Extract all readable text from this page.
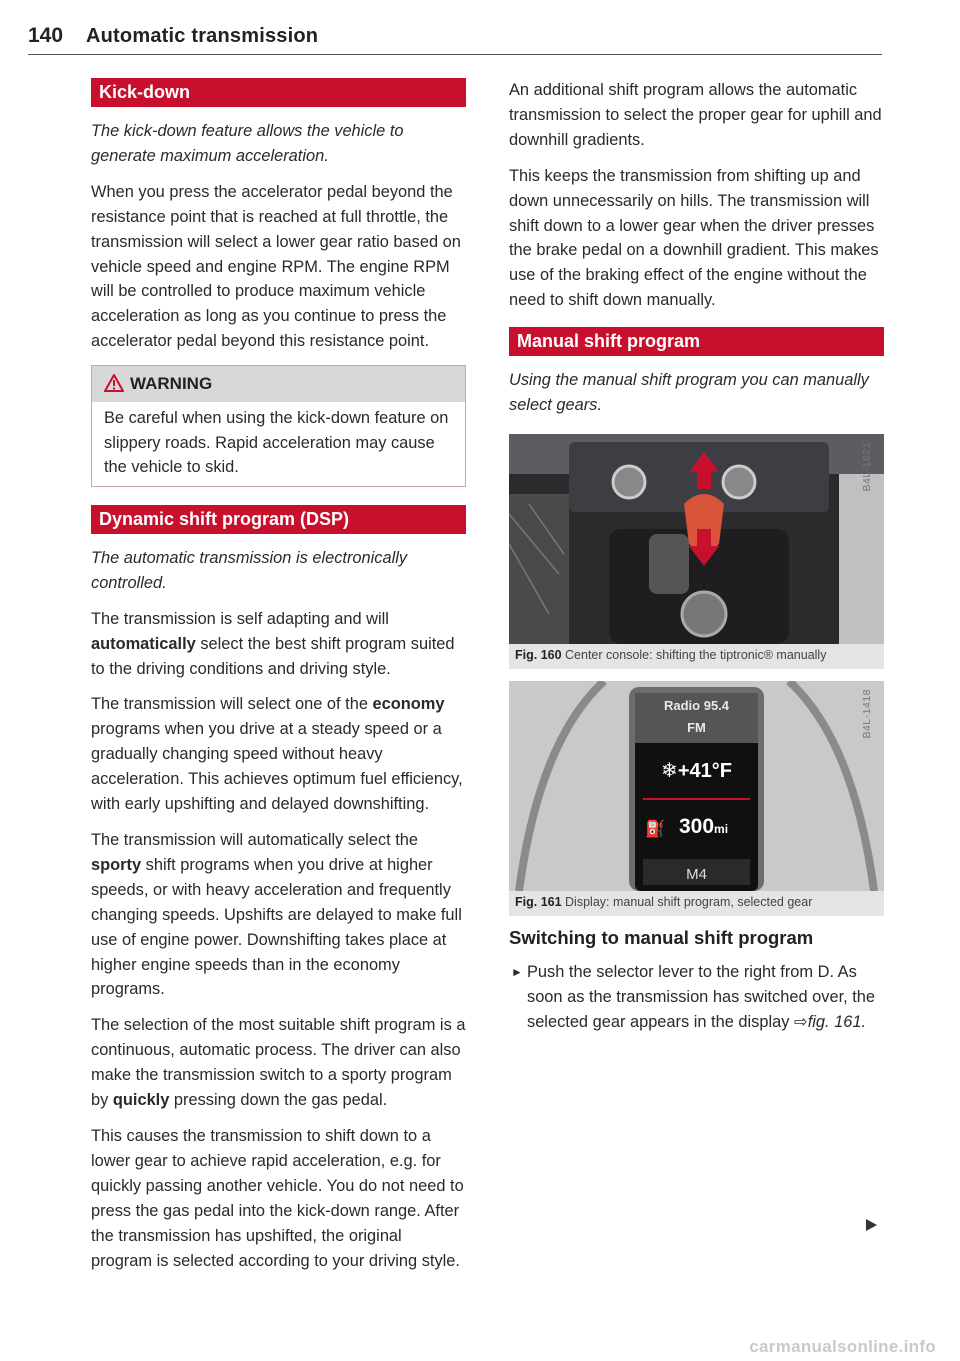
140 Automatic transmission
Kick-down

The kick-down feature allows the vehicle to generate maximum acceleration.

When you press the accelerator pedal beyond the resistance point that is reached at full throttle, the transmission will select a lower gear ratio based on vehicle speed and engine RPM. The engine RPM will be controlled to produce maximum vehicle acceleration as long as you continue to press the accelerator pedal beyond this resistance point.

WARNING
Be careful when using the kick-down feature on slippery roads. Rapid acceleration may cause the vehicle to skid.
Dynamic shift program (DSP)

The automatic transmission is electronically controlled.

The transmission is self adapting and will automatically select the best shift program suited to the driving conditions and driving style.

The transmission will select one of the economy programs when you drive at a steady speed or a gradually changing speed without heavy acceleration. This achieves optimum fuel efficiency, with early upshifting and delayed downshifting.

The transmission will automatically select the sporty shift programs when you drive at higher speeds, or with heavy acceleration and frequently changing speeds. Upshifts are delayed to make full use of engine power. Downshifting takes place at higher engine speeds than in the economy programs.

The selection of the most suitable shift program is a continuous, automatic process. The driver can also make the transmission switch to a sporty program by quickly pressing down the gas pedal.

This causes the transmission to shift down to a lower gear to achieve rapid acceleration, e.g. for quickly passing another vehicle. You do not need to press the gas pedal into the kick-down range. After the transmission has upshifted, the original program is selected according to your driving style.

An additional shift program allows the automatic transmission to select the proper gear for uphill and downhill gradients.

This keeps the transmission from shifting up and down unnecessarily on hills. The transmission will shift down to a lower gear when the driver presses the brake pedal on a downhill gradient. This makes use of the braking effect of the engine without the need to shift down manually.

Manual shift program

Using the manual shift program you can manually select gears.

B4L-1621
Fig. 160 Center console: shifting the tiptronic® manually
Radio 95.4
FM
❄+41°F
⛽ 300mi
M4
B4L-1418
Fig. 161 Display: manual shift program, selected gear
Switching to manual shift program
► Push the selector lever to the right from D. As soon as the transmission has switched over, the selected gear appears in the display ⇨fig. 161.
carmanualsonline.info
